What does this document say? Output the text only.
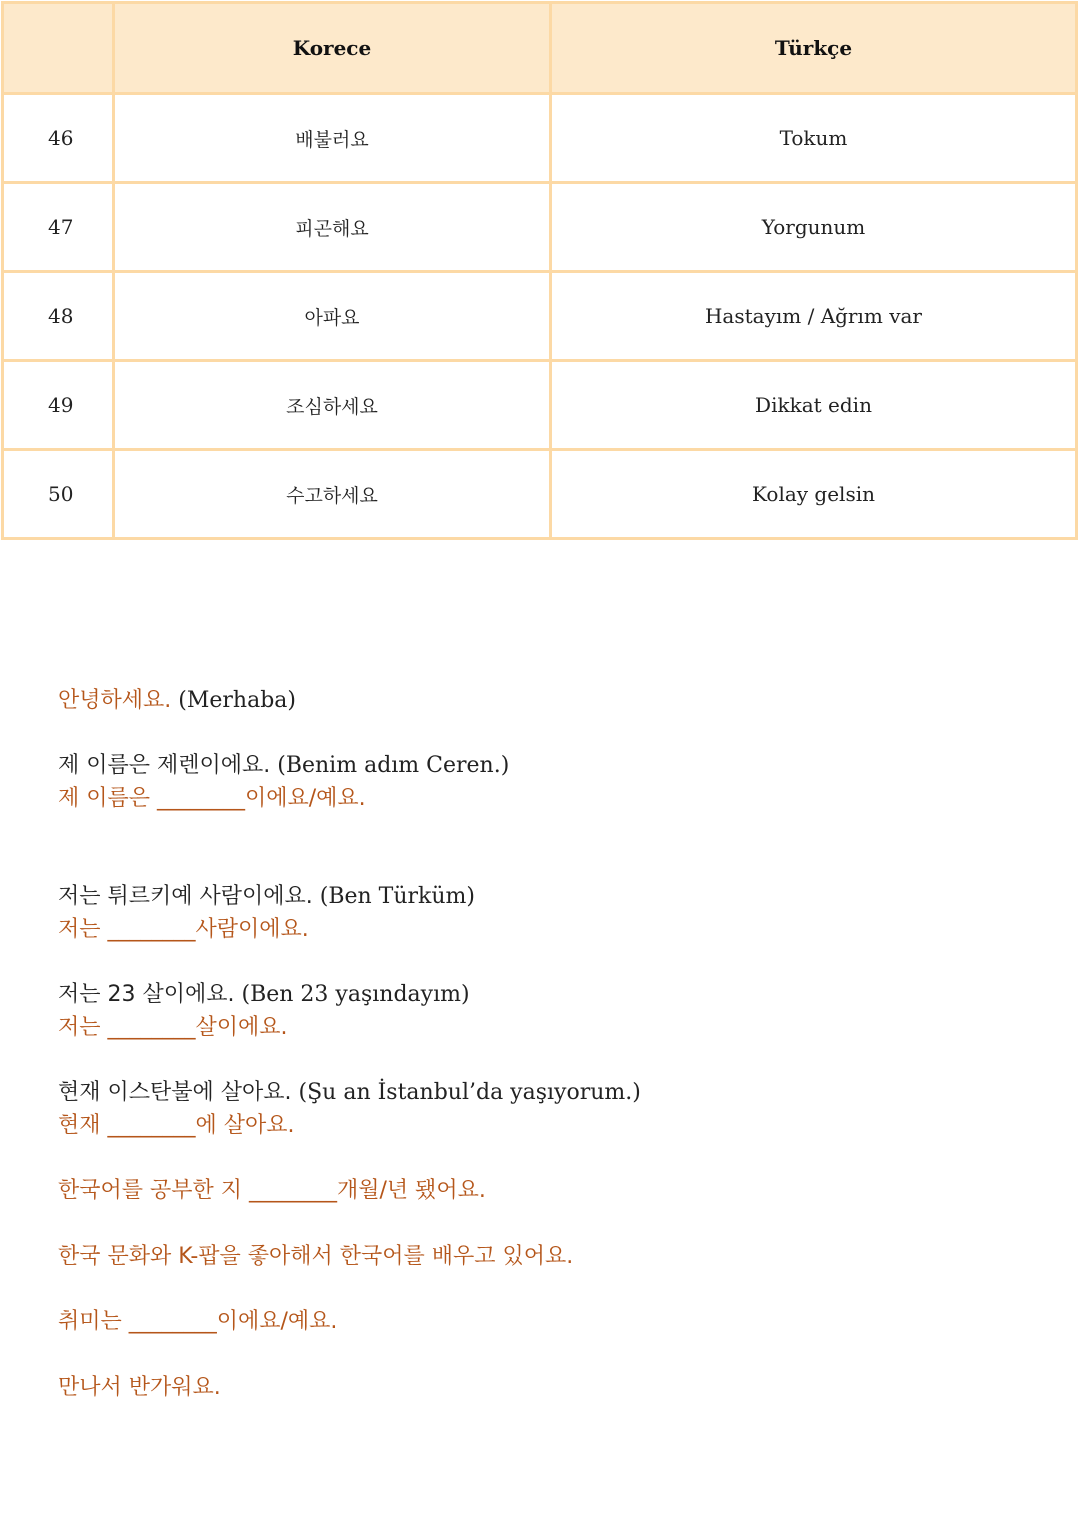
	Korece	Türkçe
46	배불러요	Tokum
47	피곤해요	Yorgunum
48	아파요	Hastayım / Ağrım var
49	조심하세요	Dikkat edin
50	수고하세요	Kolay gelsin
안녕하세요. (Merhaba)
제 이름은 제렌이에요. (Benim adım Ceren.)
제 이름은 ________이에요/예요.
저는 튀르키예 사람이에요. (Ben Türküm)
저는 ________사람이에요.
저는 23 살이에요. (Ben 23 yaşındayım)
저는 ________살이에요.
현재 이스탄불에 살아요. (Şu an İstanbul’da yaşıyorum.)
현재 ________에 살아요.
한국어를 공부한 지 ________개월/년 됐어요.
한국 문화와 K-팝을 좋아해서 한국어를 배우고 있어요.
취미는 ________이에요/예요.
만나서 반가워요.
